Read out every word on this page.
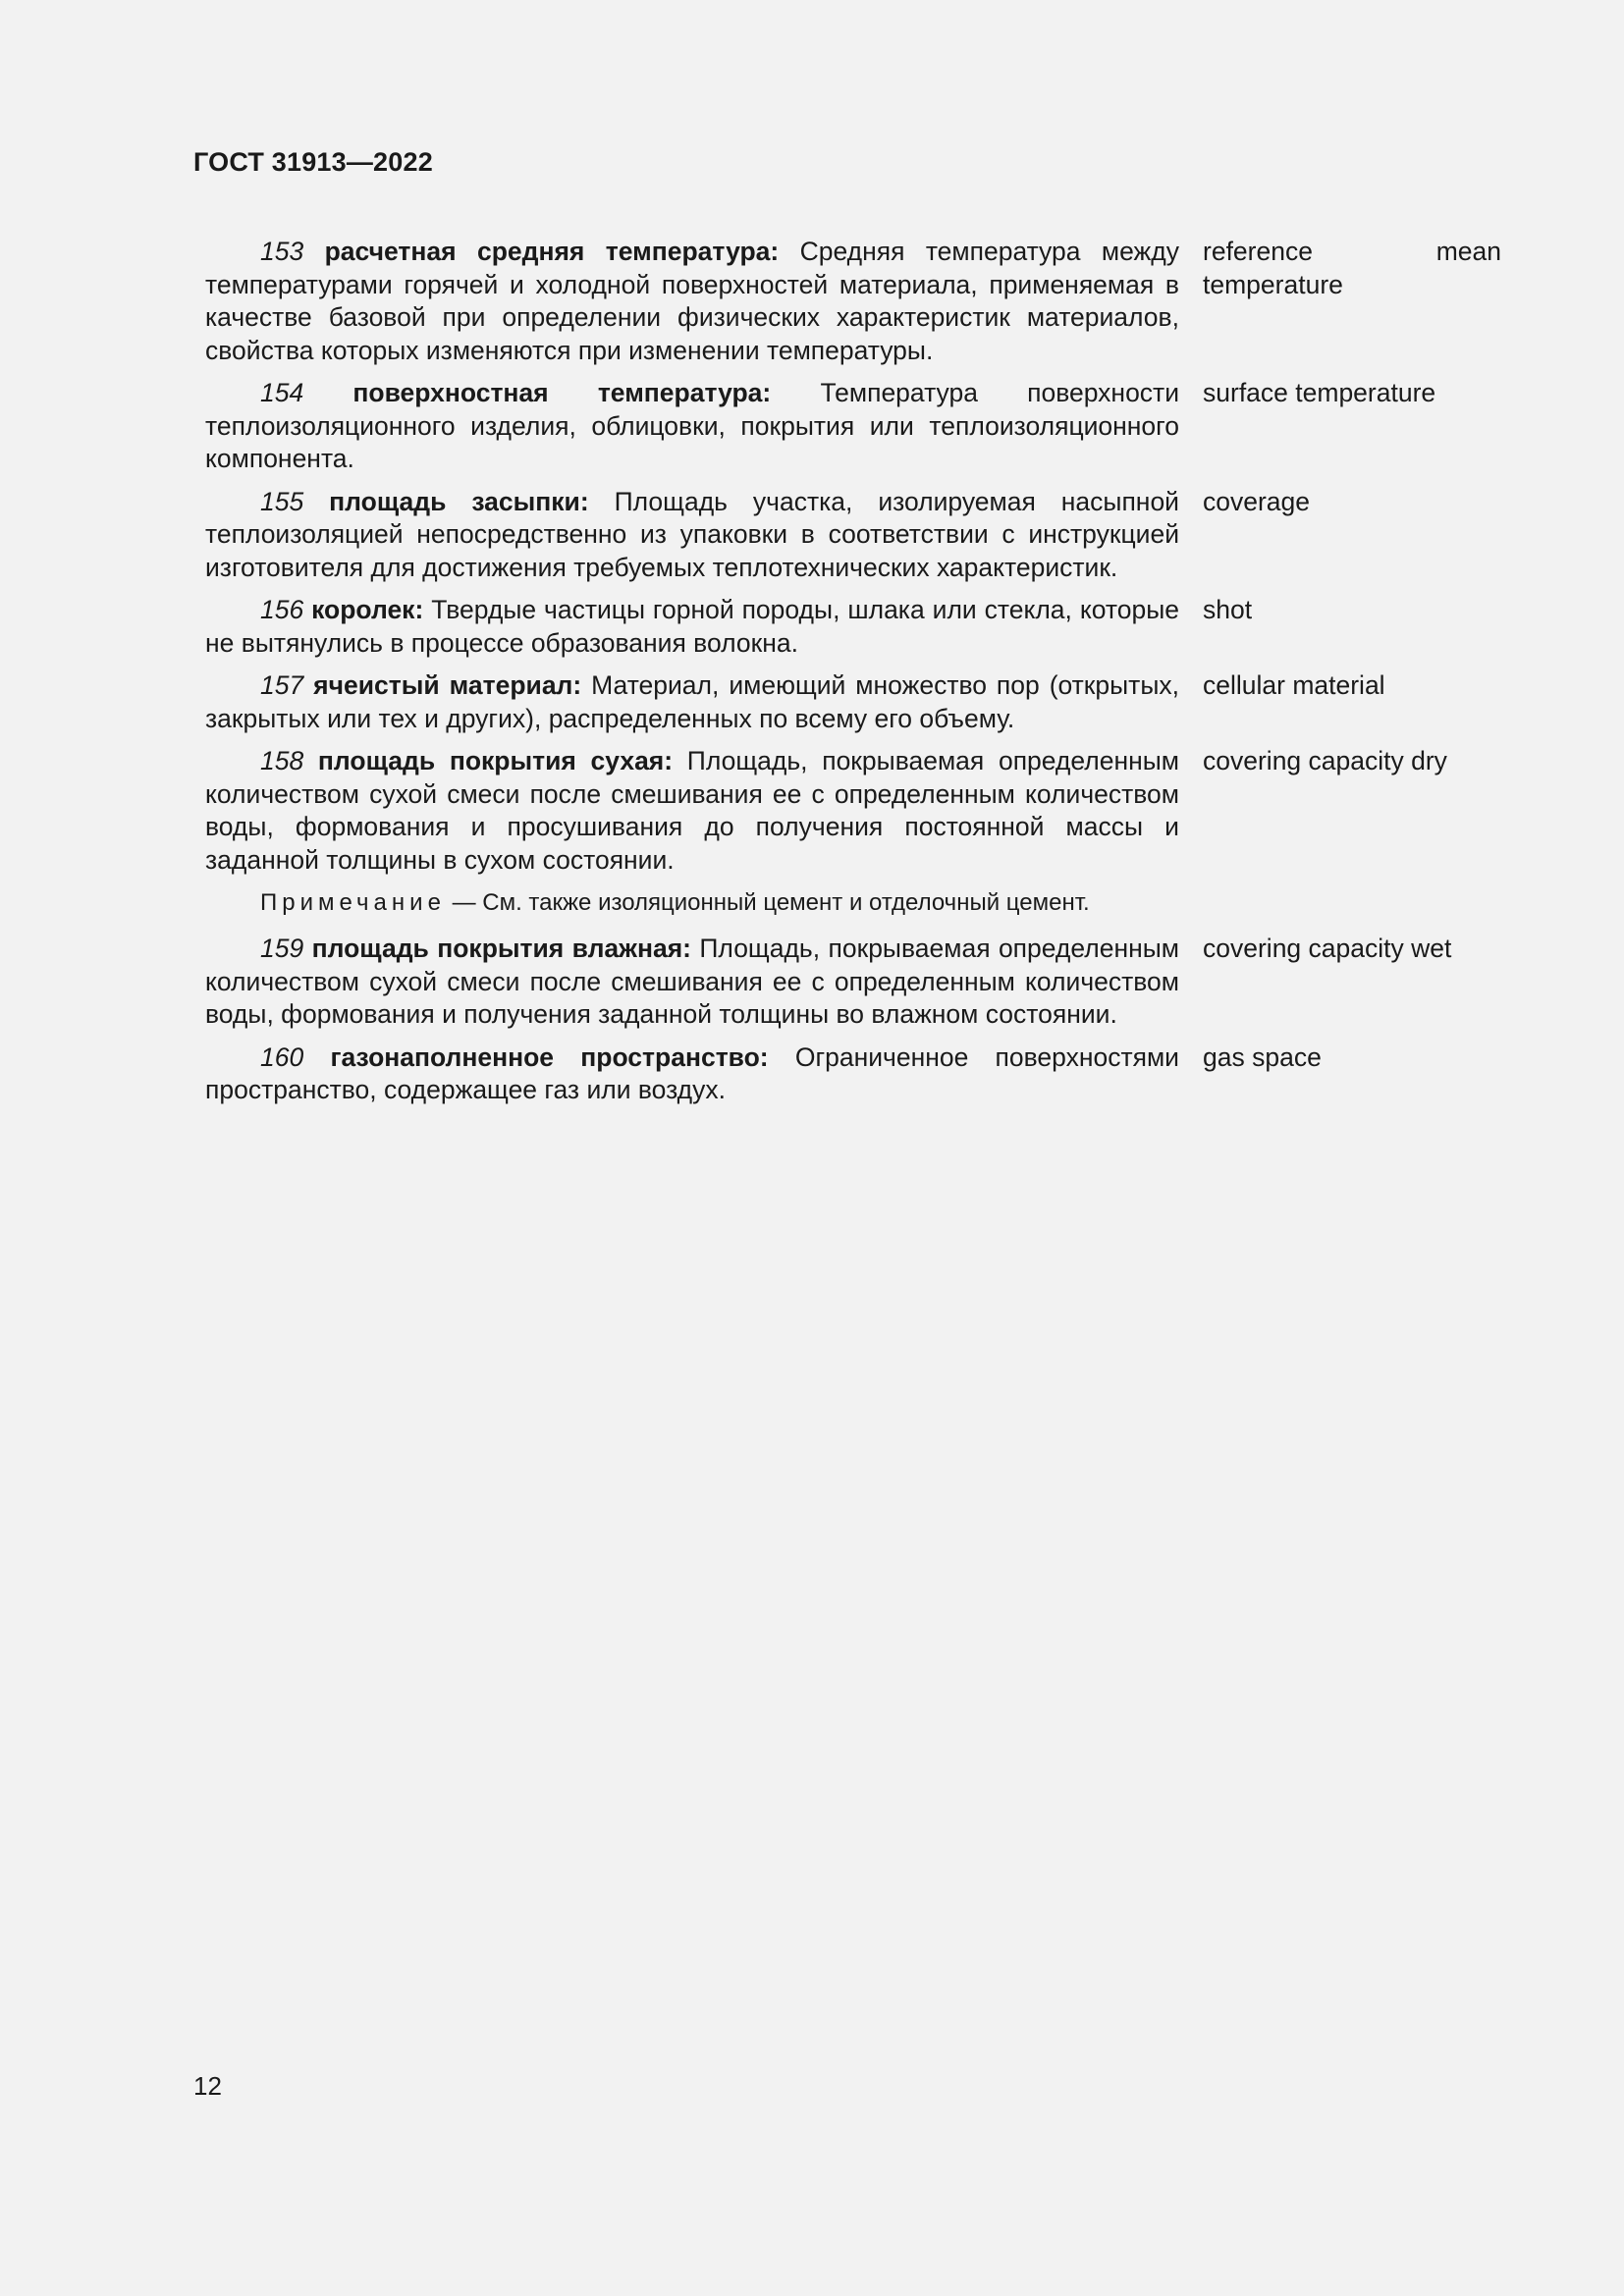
ГОСТ 31913—2022
153 расчетная средняя температура: Средняя температура между температурами горячей и холодной поверхностей материала, применяемая в качестве базовой при определении физических характеристик материалов, свойства которых изменяются при изменении температуры.
reference mean temperature
154 поверхностная температура: Температура поверхности теплоизоляционного изделия, облицовки, покрытия или теплоизоляционного компонента.
surface temperature
155 площадь засыпки: Площадь участка, изолируемая насыпной теплоизоляцией непосредственно из упаковки в соответствии с инструкцией изготовителя для достижения требуемых теплотехнических характеристик.
coverage
156 королек: Твердые частицы горной породы, шлака или стекла, которые не вытянулись в процессе образования волокна.
shot
157 ячеистый материал: Материал, имеющий множество пор (открытых, закрытых или тех и других), распределенных по всему его объему.
cellular material
158 площадь покрытия сухая: Площадь, покрываемая определенным количеством сухой смеси после смешивания ее с определенным количеством воды, формования и просушивания до получения постоянной массы и заданной толщины в сухом состоянии.
covering capacity dry
Примечание — См. также изоляционный цемент и отделочный цемент.
159 площадь покрытия влажная: Площадь, покрываемая определенным количеством сухой смеси после смешивания ее с определенным количеством воды, формования и получения заданной толщины во влажном состоянии.
covering capacity wet
160 газонаполненное пространство: Ограниченное поверхностями пространство, содержащее газ или воздух.
gas space
12
